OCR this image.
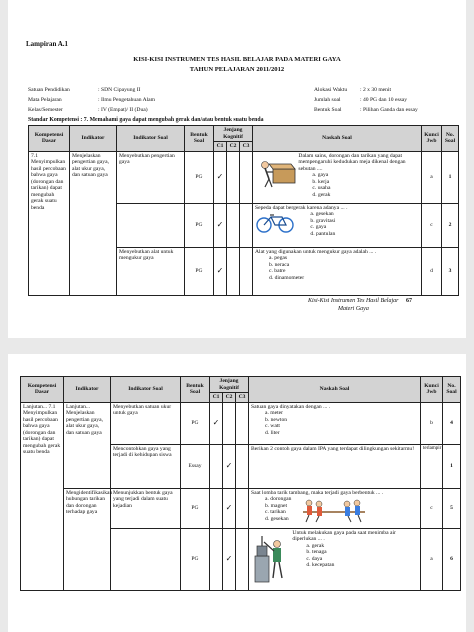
Lampiran A.1
KISI-KISI INSTRUMEN TES HASIL BELAJAR PADA MATERI GAYA
TAHUN PELAJARAN 2011/2012
Satuan Pendidikan	: SDN Cipayung II
Mata Pelajaran	: Ilmu Pengetahuan Alam
Kelas/Semester	: IV (Empat)/ II (Dua)
Alokasi Waktu : 2 x 30 menit
Jumlah soal	: 40 PG dan 10 essay
Bentuk Soal	: Pilihan Ganda dan essay
Standar Kompetensi : 7. Memahami gaya dapat mengubah gerak dan/atau bentuk suatu benda
Kompetensi Dasar	Indikator	Indikator Soal	Bentuk Soal	Jenjang Kognitif			Naskah Soal	Kunci Jwb	No. Soal
				C1	C2	C3			
7.1 Menyimpulkan hasil percobaan bahwa gaya (dorongan dan tarikan) dapat mengubah gerak suatu benda	Menjelaskan pengertian gaya, alat ukur gaya, dan satuan gaya	Menyebutkan pengertian gaya	PG	✓			Dalam sains, dorongan dan tarikan yang dapat mempengaruhi kedudukan meja dikenal dengan sebutan ....
a. gaya
b. kerja
c. usaha
d. gerak	a	1
			PG	✓			Sepeda dapat bergerak karena adanya ... .

a. gesekan
b. gravitasi
c. gaya
d. pantulan	c	2
		Menyebutkan alat untuk mengukur gaya	PG	✓			Alat yang digunakan untuk mengukur gaya adalah ... .
a. pegas
b. neraca
c. batre
d. dinamometer	d	3
Kisi-Kisi Instrumen Tes Hasil Belajar 67
Materi Gaya
Kompetensi Dasar	Indikator	Indikator Soal	Bentuk Soal	Jenjang Kognitif			Naskah Soal	Kunci Jwb	No. Soal
				C1	C2	C3			
Lanjutan... 7.1 Menyimpulkan hasil percobaan bahwa gaya (dorongan dan tarikan) dapat mengubah gerak suatu benda	Lanjutan... Menjelaskan pengertian gaya, alat ukur gaya, dan satuan gaya	Menyebutkan satuan ukur untuk gaya	PG	✓			Satuan gaya dinyatakan dengan ... .
a. meter
b. newton
c. watt
d. liter	b	4
		Mencontohkan gaya yang terjadi di kehidupan siswa	Essay		✓		Berikan 2 contoh gaya dalam IPA yang terdapat dilingkungan sekitarmu!	terlampir	1
	Mengidentifikasikan hubungan tarikan dan dorongan terhadap gaya	Menunjukkan bentuk gaya yang terjadi dalam suatu kejadian	PG		✓		Saat lomba tarik tambang, maka terjadi gaya berbentuk ... .
a. dorongan
b. magnet
c. tarikan
d. gesekan	c	5
			PG		✓		Untuk melakukan gaya pada saat menimba air diperlukan ... .
a. gerak
b. tenaga
c. daya
d. kecepatan	a	6
